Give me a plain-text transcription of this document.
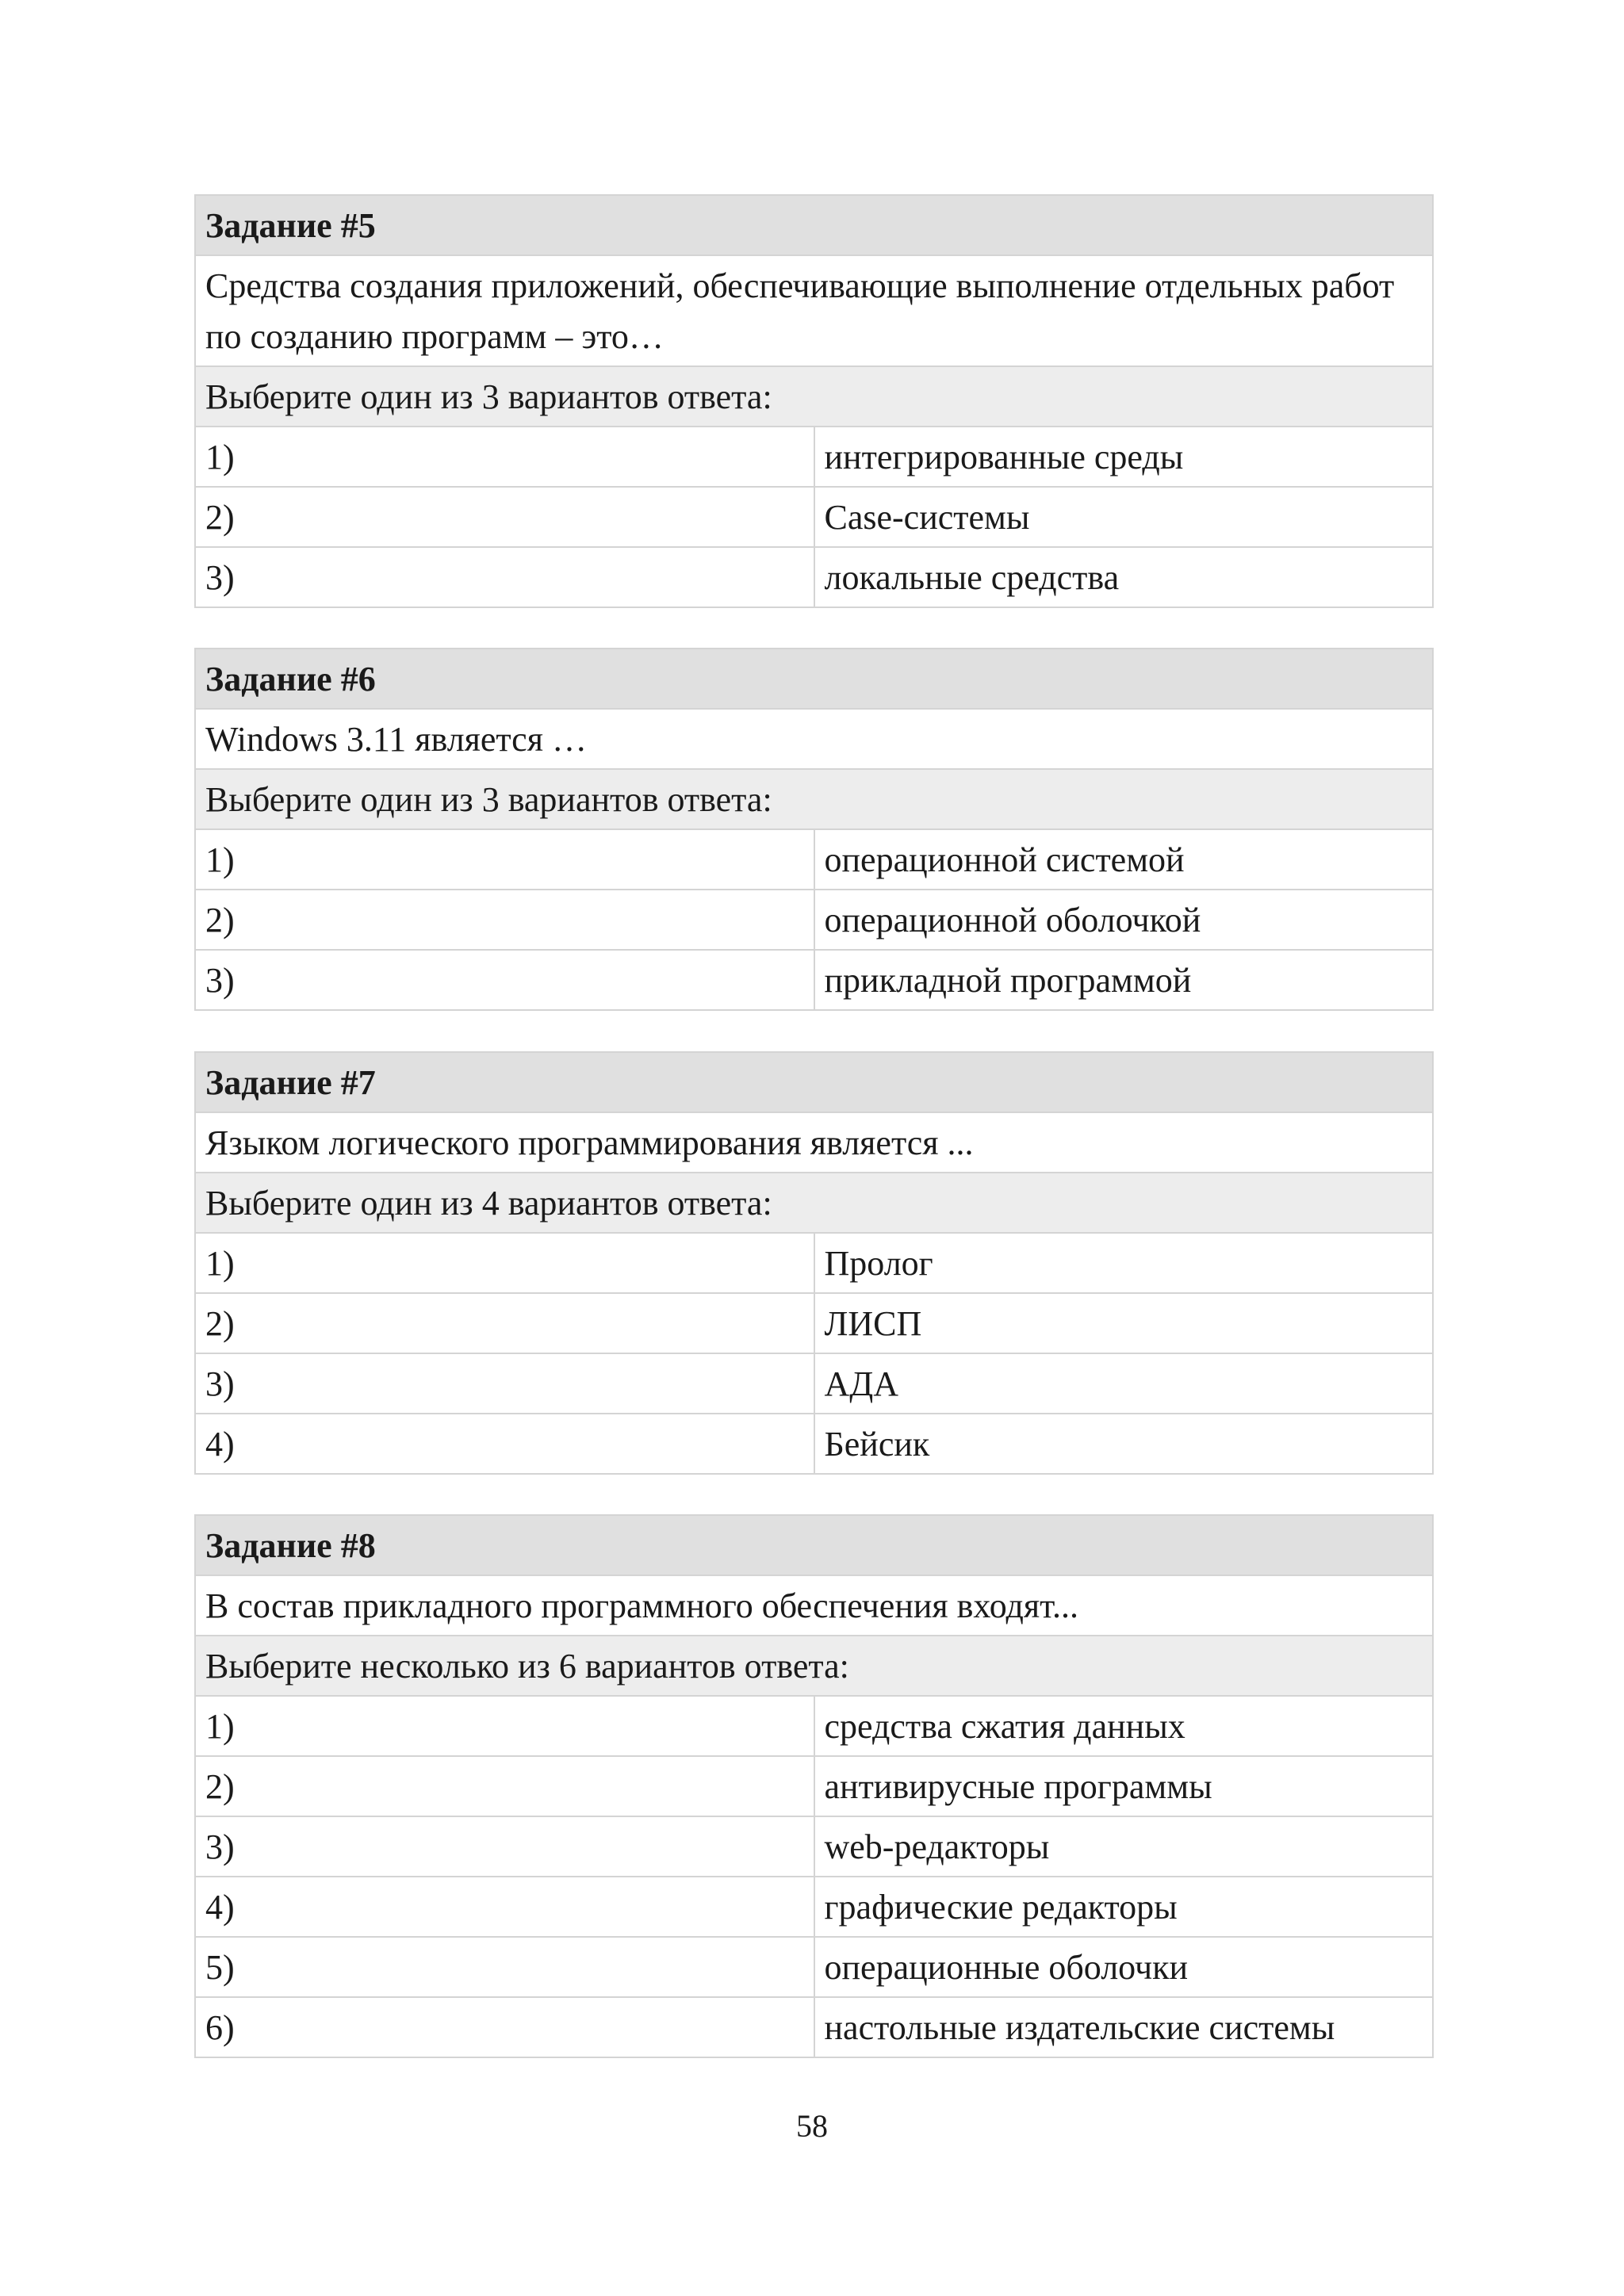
Задание #5	
Средства создания приложений, обеспечивающие выполнение отдельных работ по созданию программ – это…	
Выберите один из 3 вариантов ответа:	
1)	интегрированные среды
2)	Case-системы
3)	локальные средства
Задание #6	
Windows 3.11 является …	
Выберите один из 3 вариантов ответа:	
1)	операционной системой
2)	операционной оболочкой
3)	прикладной программой
Задание #7	
Языком логического программирования является ...	
Выберите один из 4 вариантов ответа:	
1)	Пролог
2)	ЛИСП
3)	АДА
4)	Бейсик
Задание #8	
В состав прикладного программного обеспечения входят...	
Выберите несколько из 6 вариантов ответа:	
1)	средства сжатия данных
2)	антивирусные программы
3)	web-редакторы
4)	графические редакторы
5)	операционные оболочки
6)	настольные издательские системы
58
